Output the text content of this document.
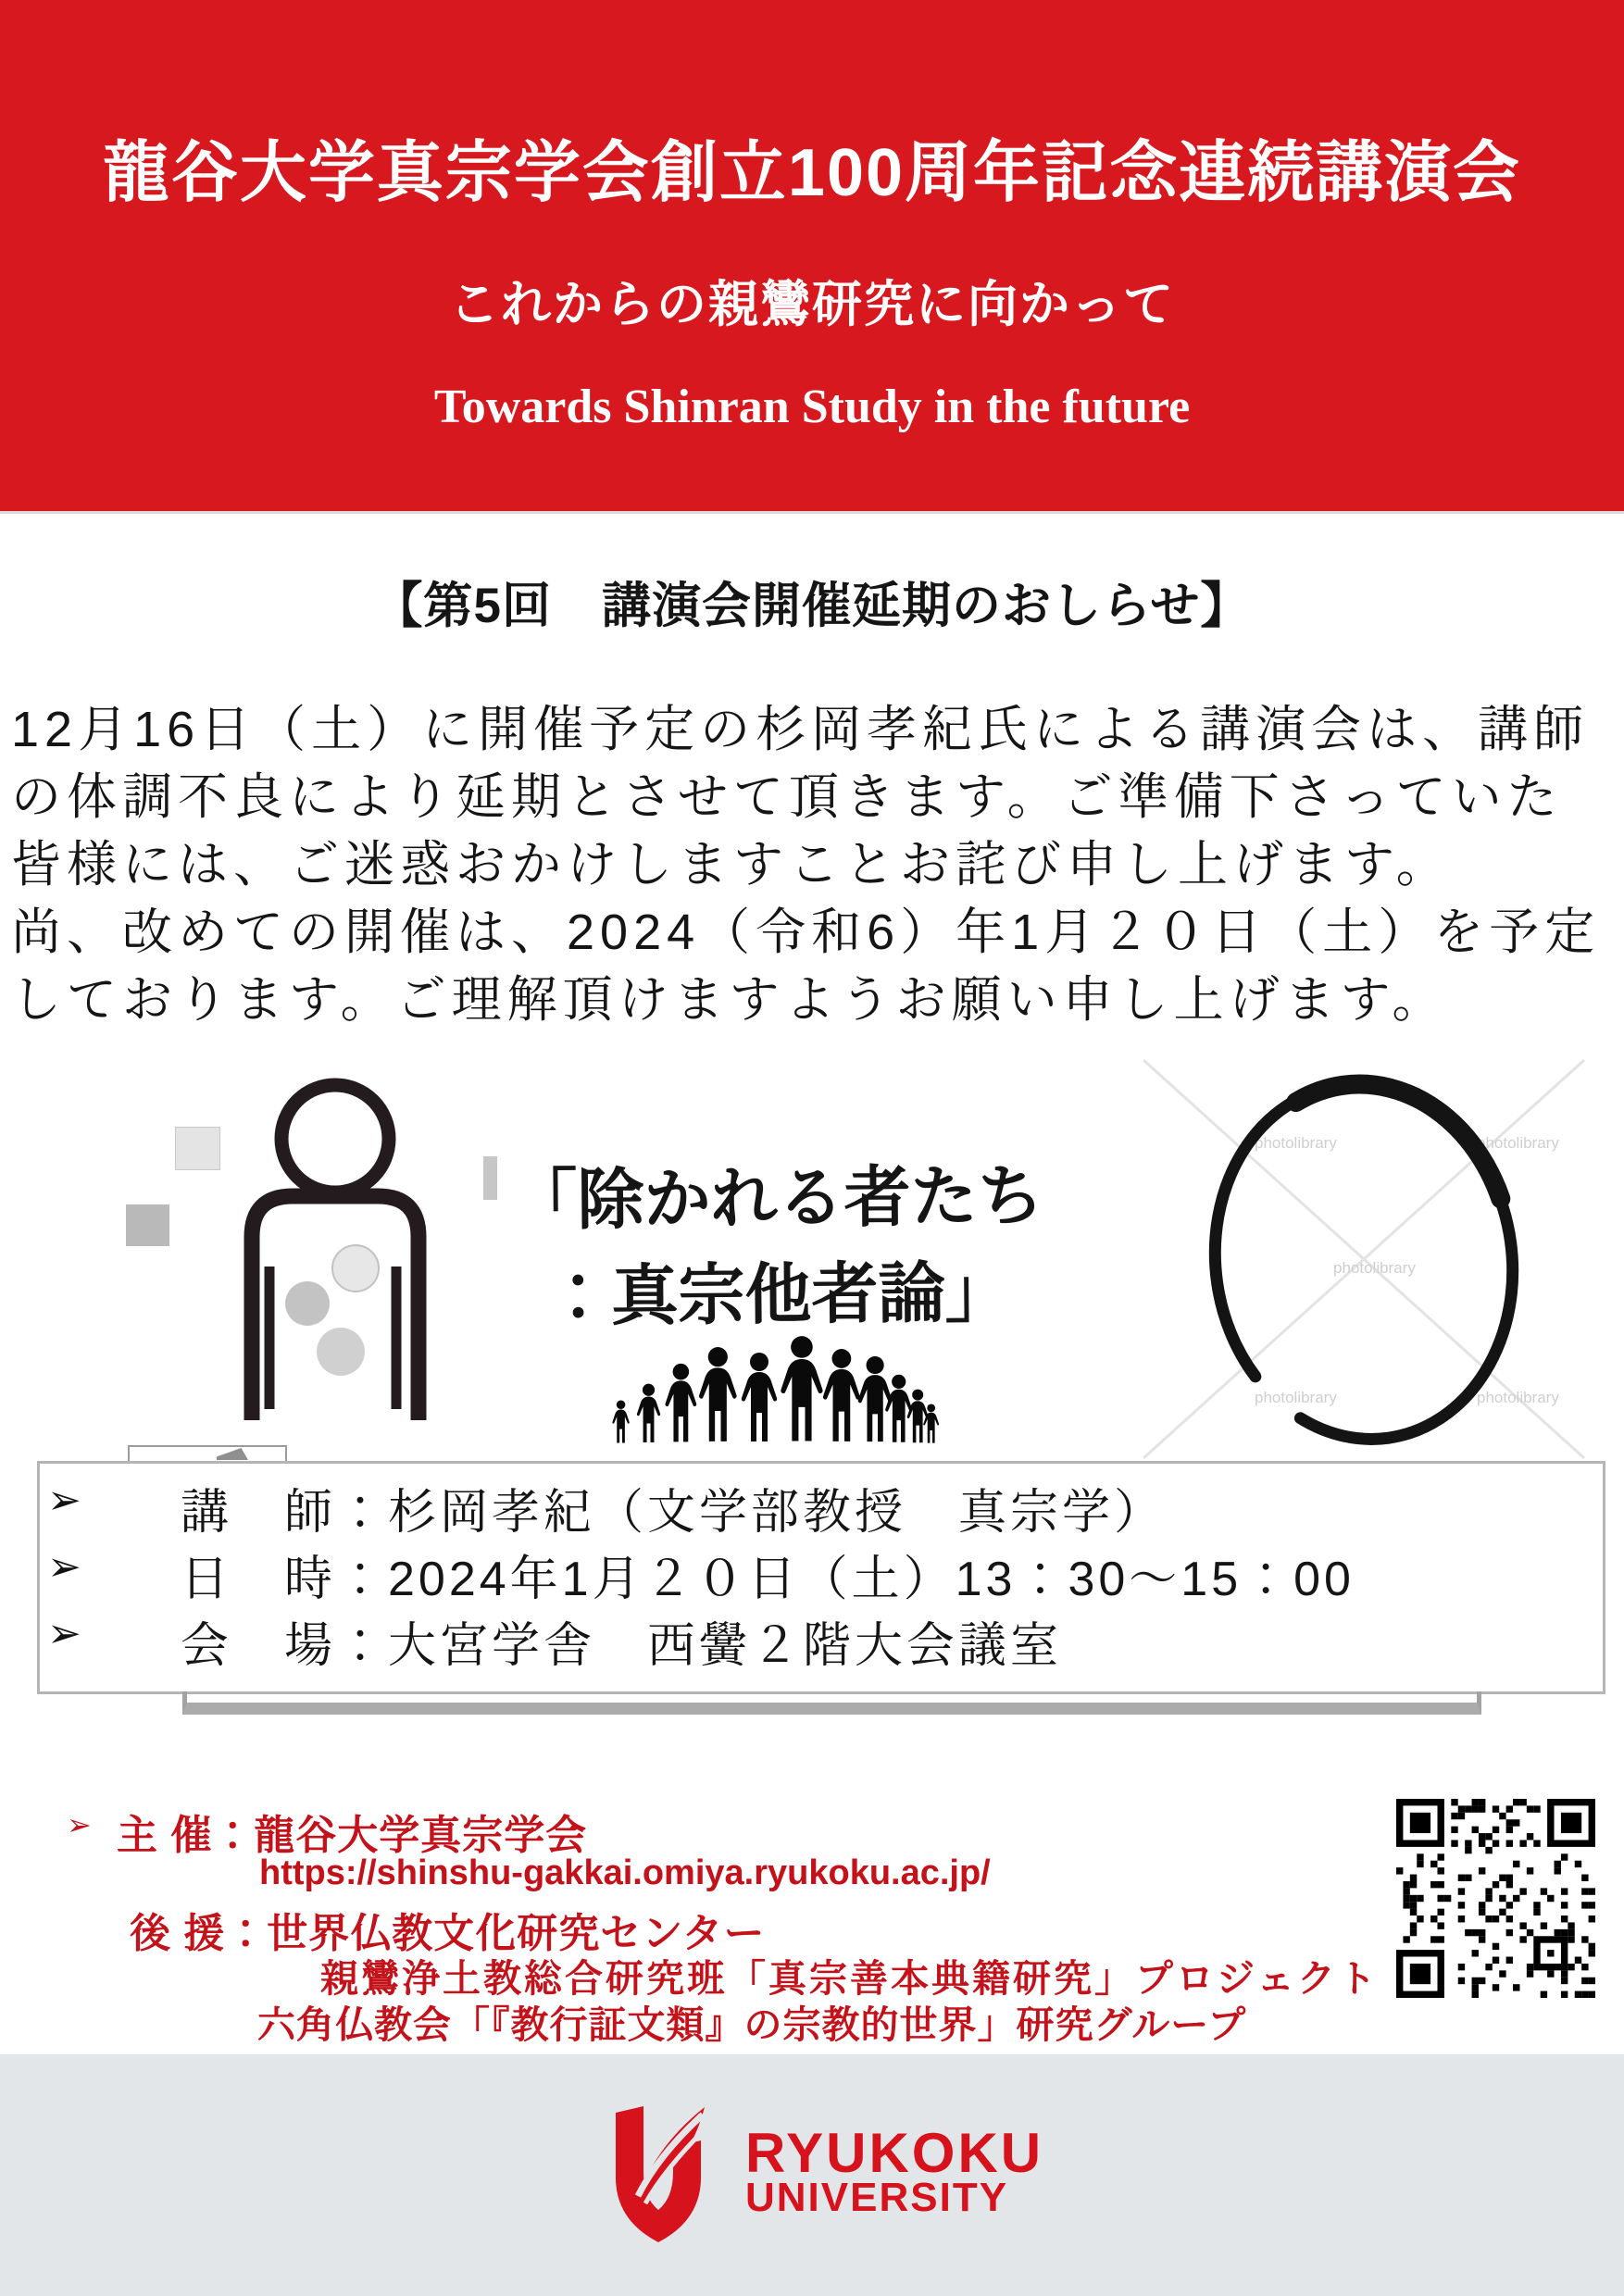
龍谷大学真宗学会創立100周年記念連続講演会
これからの親鸞研究に向かって
Towards Shinran Study in the future
【第5回　講演会開催延期のおしらせ】
12月16日（土）に開催予定の杉岡孝紀氏による講演会は、講師
の体調不良により延期とさせて頂きます。ご準備下さっていた
皆様には、ご迷惑おかけしますことお詫び申し上げます。
尚、改めての開催は、2024（令和6）年1月２０日（土）を予定
しております。ご理解頂けますようお願い申し上げます。
「除かれる者たち
：真宗他者論」
photolibrary	photolibrary
photolibrary
photolibrary	photolibrary
➢ 講　師：杉岡孝紀（文学部教授　真宗学）
➢ 日　時：2024年1月２０日（土）13：30～15：00
➢ 会　場：大宮学舎　西黌２階大会議室
➢ 主 催：龍谷大学真宗学会
https://shinshu-gakkai.omiya.ryukoku.ac.jp/
後 援：世界仏教文化研究センター
親鸞浄土教総合研究班「真宗善本典籍研究」プロジェクト
六角仏教会「『教行証文類』の宗教的世界」研究グループ
RYUKOKU
UNIVERSITY
